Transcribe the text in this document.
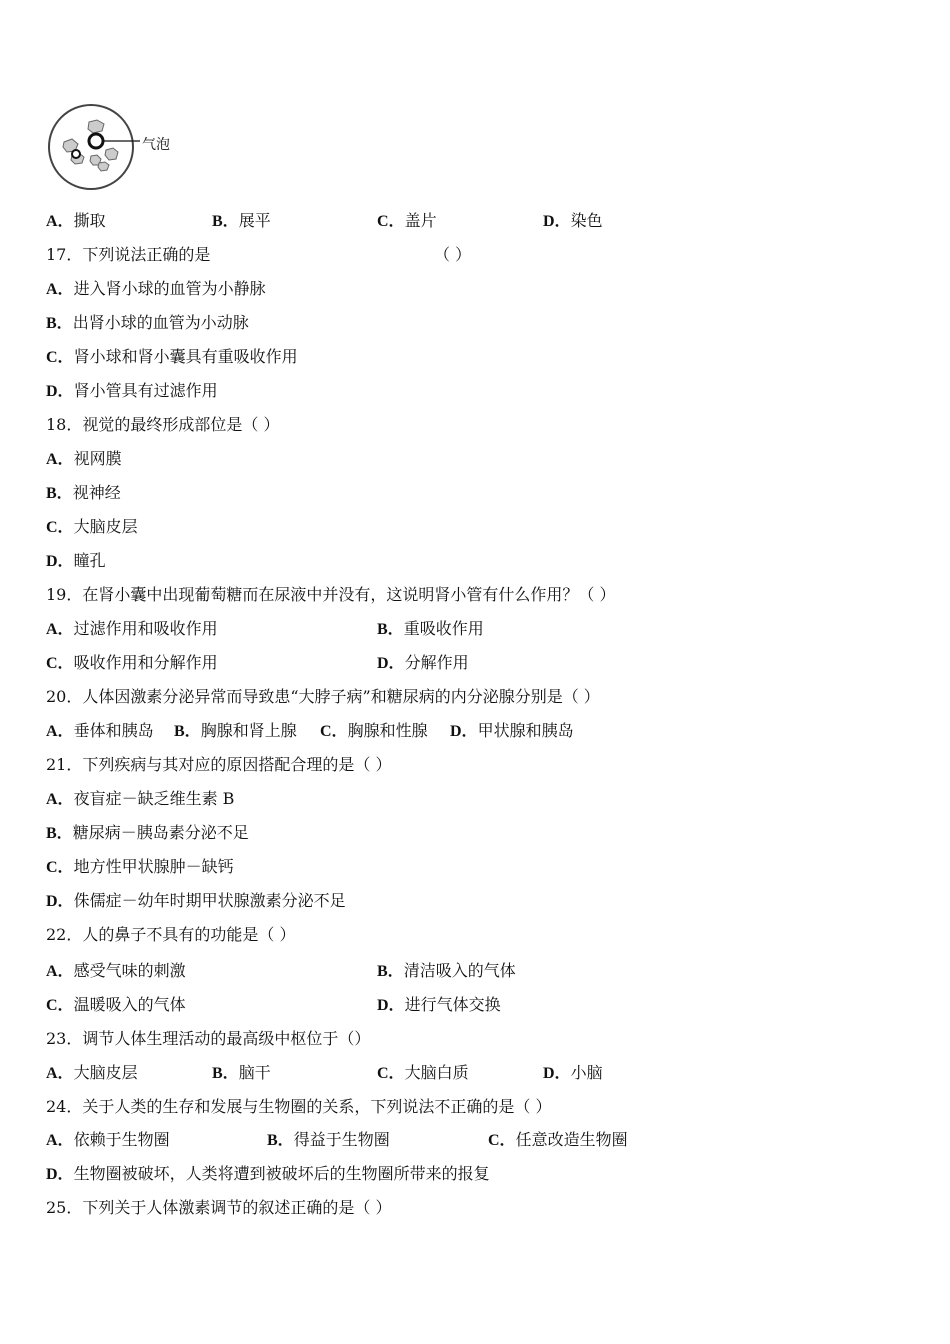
气泡
A．撕取	B．展平	C．盖片	D．染色
17．下列说法正确的是	（ ）
A．进入肾小球的血管为小静脉
B．出肾小球的血管为小动脉
C．肾小球和肾小囊具有重吸收作用
D．肾小管具有过滤作用
18．视觉的最终形成部位是（ ）
A．视网膜
B．视神经
C．大脑皮层
D．瞳孔
19．在肾小囊中出现葡萄糖而在尿液中并没有，这说明肾小管有什么作用？（ ）
A．过滤作用和吸收作用	B．重吸收作用
C．吸收作用和分解作用	D．分解作用
20．人体因激素分泌异常而导致患“大脖子病”和糖尿病的内分泌腺分别是（ ）
A．垂体和胰岛 B．胸腺和肾上腺 C．胸腺和性腺 D．甲状腺和胰岛
21．下列疾病与其对应的原因搭配合理的是（ ）
A．夜盲症－缺乏维生素 B
B．糖尿病－胰岛素分泌不足
C．地方性甲状腺肿－缺钙
D．侏儒症－幼年时期甲状腺激素分泌不足
22．人的鼻子不具有的功能是（ ）
A．感受气味的刺激	B．清洁吸入的气体
C．温暖吸入的气体	D．进行气体交换
23．调节人体生理活动的最高级中枢位于（）
A．大脑皮层	B．脑干	C．大脑白质	D．小脑
24．关于人类的生存和发展与生物圈的关系，下列说法不正确的是（ ）
A．依赖于生物圈	B．得益于生物圈	C．任意改造生物圈
D．生物圈被破坏，人类将遭到被破坏后的生物圈所带来的报复
25．下列关于人体激素调节的叙述正确的是（ ）
